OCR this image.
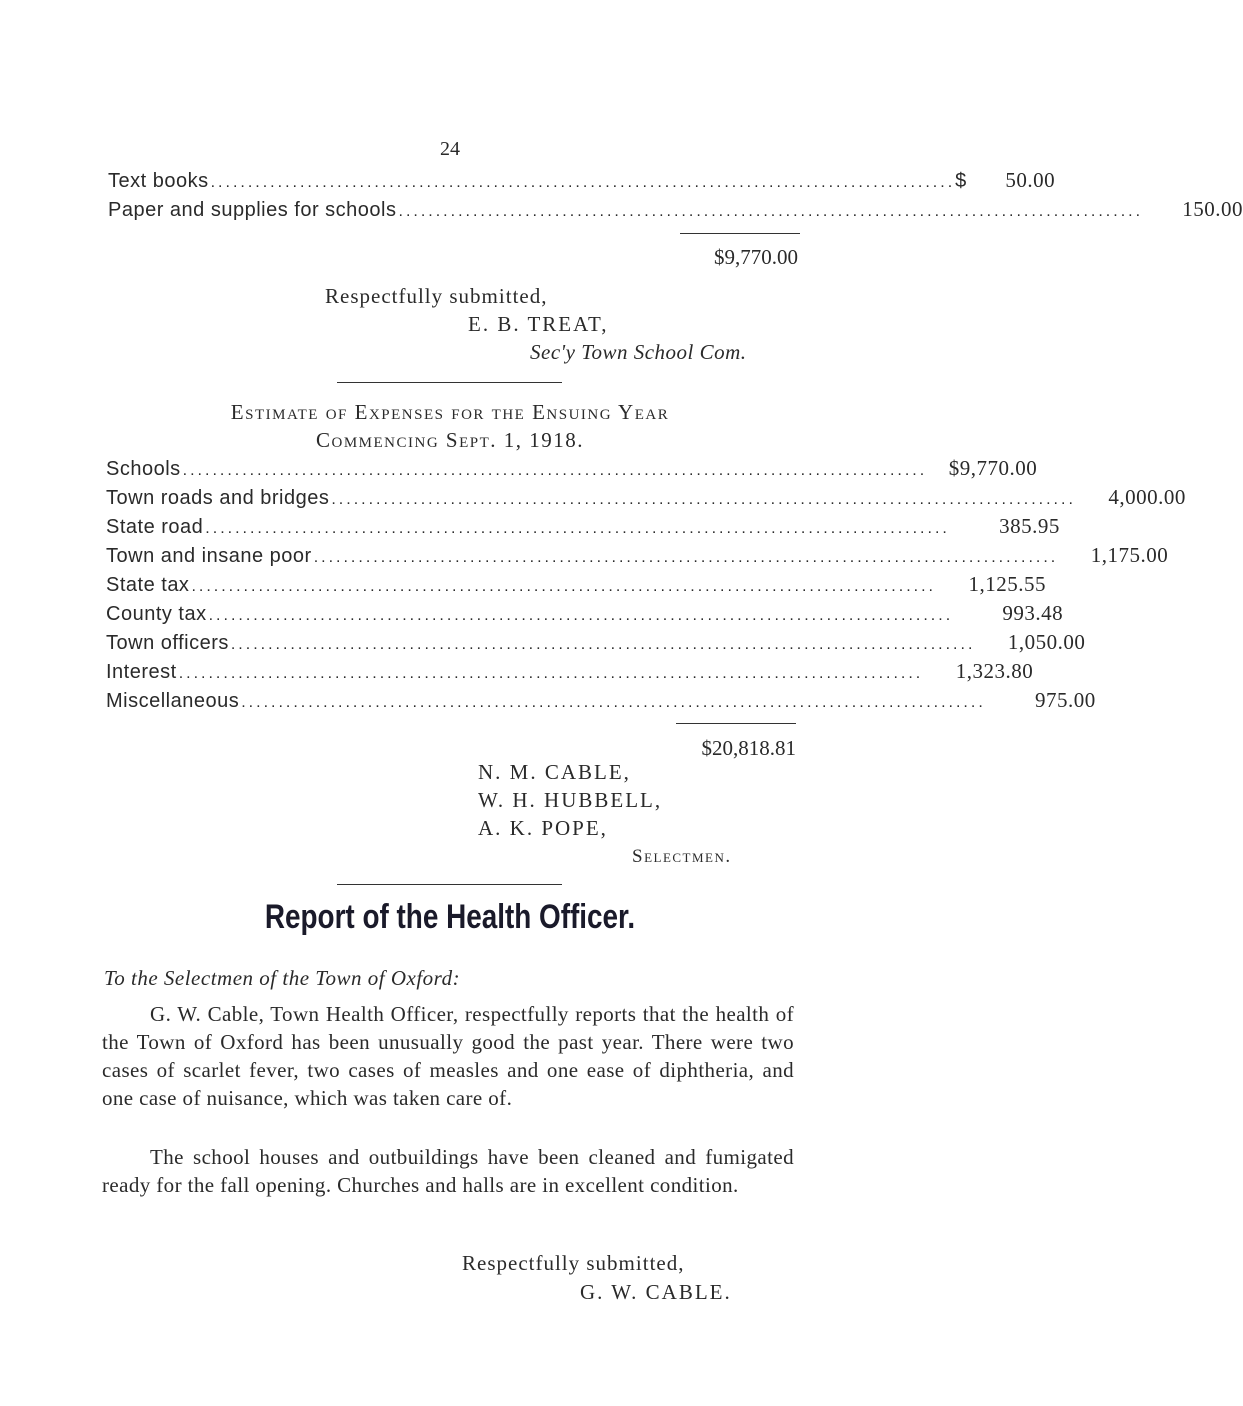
24
Text books .................................................................................................... $	50.00
Paper and supplies for schools ....................................................................................................	150.00
$9,770.00
Respectfully submitted,
E. B. TREAT,
Sec'y Town School Com.
Estimate of Expenses for the Ensuing Year
Commencing Sept. 1, 1918.
Schools ....................................................................................................	$9,770.00
Town roads and bridges ....................................................................................................	4,000.00
State road ....................................................................................................	385.95
Town and insane poor ....................................................................................................	1,175.00
State tax ....................................................................................................	1,125.55
County tax ....................................................................................................	993.48
Town officers ....................................................................................................	1,050.00
Interest ....................................................................................................	1,323.80
Miscellaneous ....................................................................................................	975.00
$20,818.81
N. M. CABLE,
W. H. HUBBELL,
A. K. POPE,
Selectmen.
Report of the Health Officer.
To the Selectmen of the Town of Oxford:
G. W. Cable, Town Health Officer, respectfully reports that the health of the Town of Oxford has been unusually good the past year. There were two cases of scarlet fever, two cases of measles and one ease of diphtheria, and one case of nuisance, which was taken care of.
The school houses and outbuildings have been cleaned and fumigated ready for the fall opening. Churches and halls are in excellent condition.
Respectfully submitted,
G. W. CABLE.
